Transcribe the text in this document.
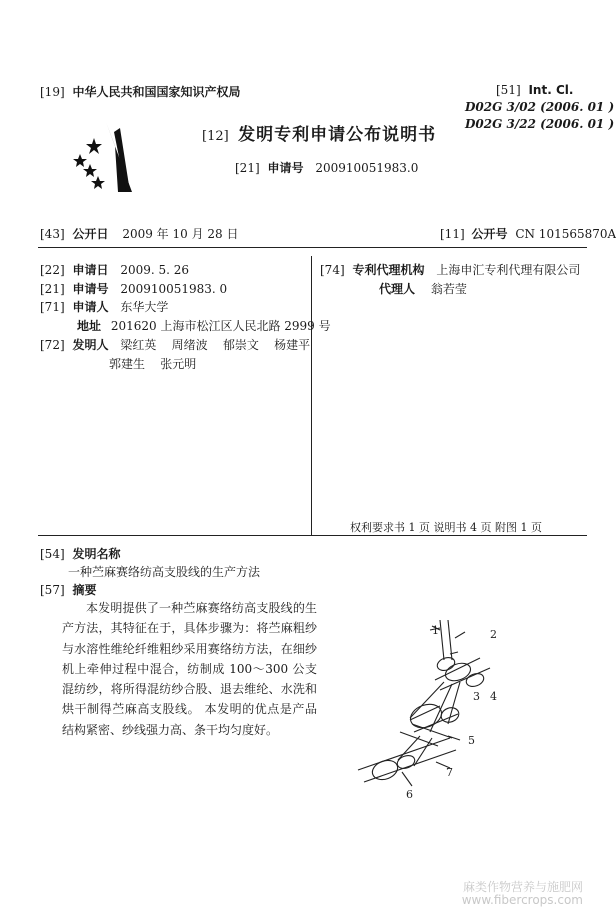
[19] 中华人民共和国国家知识产权局
[12] 发明专利申请公布说明书
[21] 申请号 200910051983.0
[51] Int. Cl.
D02G 3/02 (2006. 01 )
D02G 3/22 (2006. 01 )
[43] 公开日 2009 年 10 月 28 日	[11] 公开号 CN 101565870A
[22] 申请日 2009. 5. 26
[21] 申请号 200910051983. 0
[71] 申请人 东华大学
地址 201620 上海市松江区人民北路 2999 号
[72] 发明人 梁红英    周绪波    郁崇文    杨建平
郭建生    张元明
[74] 专利代理机构 上海申汇专利代理有限公司
代理人 翁若莹
权利要求书 1 页 说明书 4 页 附图 1 页
[54] 发明名称
一种苎麻赛络纺高支股线的生产方法
[57] 摘要
本发明提供了一种苎麻赛络纺高支股线的生产方法，其特征在于，具体步骤为：将苎麻粗纱与水溶性维纶纤维粗纱采用赛络纺方法，在细纱机上牵伸过程中混合，纺制成 100～300 公支混纺纱，将所得混纺纱合股、退去维纶、水洗和烘干制得苎麻高支股线。 本发明的优点是产品结构紧密、纱线强力高、条干均匀度好。
1	2
3 4
5
6
7
麻类作物营养与施肥网
www.fibercrops.com
